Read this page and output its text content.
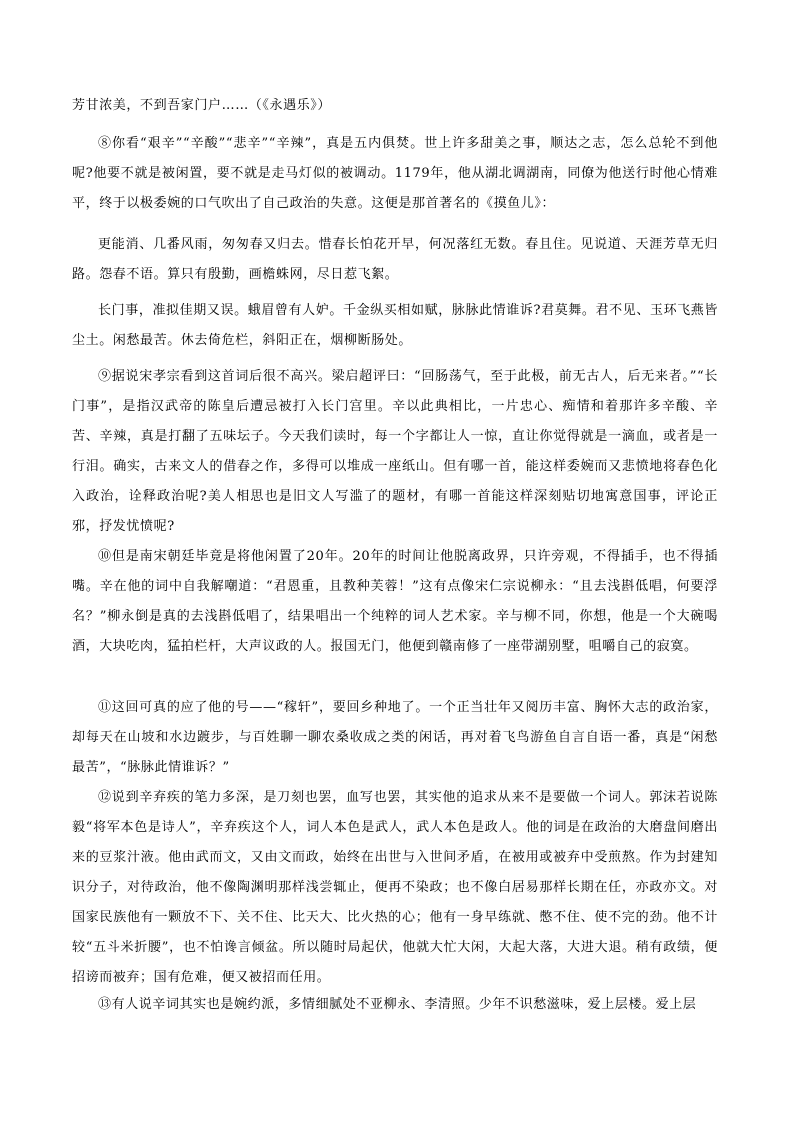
芳甘浓美，不到吾家门户……（《永遇乐》）

⑧你看“艰辛”“辛酸”“悲辛”“辛辣”，真是五内俱焚。世上许多甜美之事，顺达之志，怎么总轮不到他呢?他要不就是被闲置，要不就是走马灯似的被调动。1179年，他从湖北调湖南，同僚为他送行时他心情难平，终于以极委婉的口气吹出了自己政治的失意。这便是那首著名的《摸鱼儿》：

更能消、几番风雨，匆匆春又归去。惜春长怕花开早，何况落红无数。春且住。见说道、天涯芳草无归路。怨春不语。算只有殷勤，画檐蛛网，尽日惹飞絮。

长门事，准拟佳期又误。蛾眉曾有人妒。千金纵买相如赋，脉脉此情谁诉?君莫舞。君不见、玉环飞燕皆尘土。闲愁最苦。休去倚危栏，斜阳正在，烟柳断肠处。

⑨据说宋孝宗看到这首词后很不高兴。梁启超评曰：“回肠荡气，至于此极，前无古人，后无来者。”“长门事”，是指汉武帝的陈皇后遭忌被打入长门宫里。辛以此典相比，一片忠心、痴情和着那许多辛酸、辛苦、辛辣，真是打翻了五味坛子。今天我们读时，每一个字都让人一惊，直让你觉得就是一滴血，或者是一行泪。确实，古来文人的借春之作，多得可以堆成一座纸山。但有哪一首，能这样委婉而又悲愤地将春色化入政治，诠释政治呢?美人相思也是旧文人写滥了的题材，有哪一首能这样深刻贴切地寓意国事，评论正邪，抒发忧愤呢?

⑩但是南宋朝廷毕竟是将他闲置了20年。20年的时间让他脱离政界，只许旁观，不得插手，也不得插嘴。辛在他的词中自我解嘲道：“君恩重，且教种芙蓉！”这有点像宋仁宗说柳永：“且去浅斟低唱，何要浮名？”柳永倒是真的去浅斟低唱了，结果唱出一个纯粹的词人艺术家。辛与柳不同，你想，他是一个大碗喝酒，大块吃肉，猛拍栏杆，大声议政的人。报国无门，他便到赣南修了一座带湖别墅，咀嚼自己的寂寞。

⑪这回可真的应了他的号——“稼轩”，要回乡种地了。一个正当壮年又阅历丰富、胸怀大志的政治家，却每天在山坡和水边踱步，与百姓聊一聊农桑收成之类的闲话，再对着飞鸟游鱼自言自语一番，真是“闲愁最苦”，“脉脉此情谁诉？”

⑫说到辛弃疾的笔力多深，是刀刻也罢，血写也罢，其实他的追求从来不是要做一个词人。郭沫若说陈毅“将军本色是诗人”，辛弃疾这个人，词人本色是武人，武人本色是政人。他的词是在政治的大磨盘间磨出来的豆浆汁液。他由武而文，又由文而政，始终在出世与入世间矛盾，在被用或被弃中受煎熬。作为封建知识分子，对待政治，他不像陶渊明那样浅尝辄止，便再不染政；也不像白居易那样长期在任，亦政亦文。对国家民族他有一颗放不下、关不住、比天大、比火热的心；他有一身早练就、憋不住、使不完的劲。他不计较“五斗米折腰”，也不怕谗言倾盆。所以随时局起伏，他就大忙大闲，大起大落，大进大退。稍有政绩，便招谤而被弃；国有危难，便又被招而任用。

⑬有人说辛词其实也是婉约派，多情细腻处不亚柳永、李清照。少年不识愁滋味，爱上层楼。爱上层
